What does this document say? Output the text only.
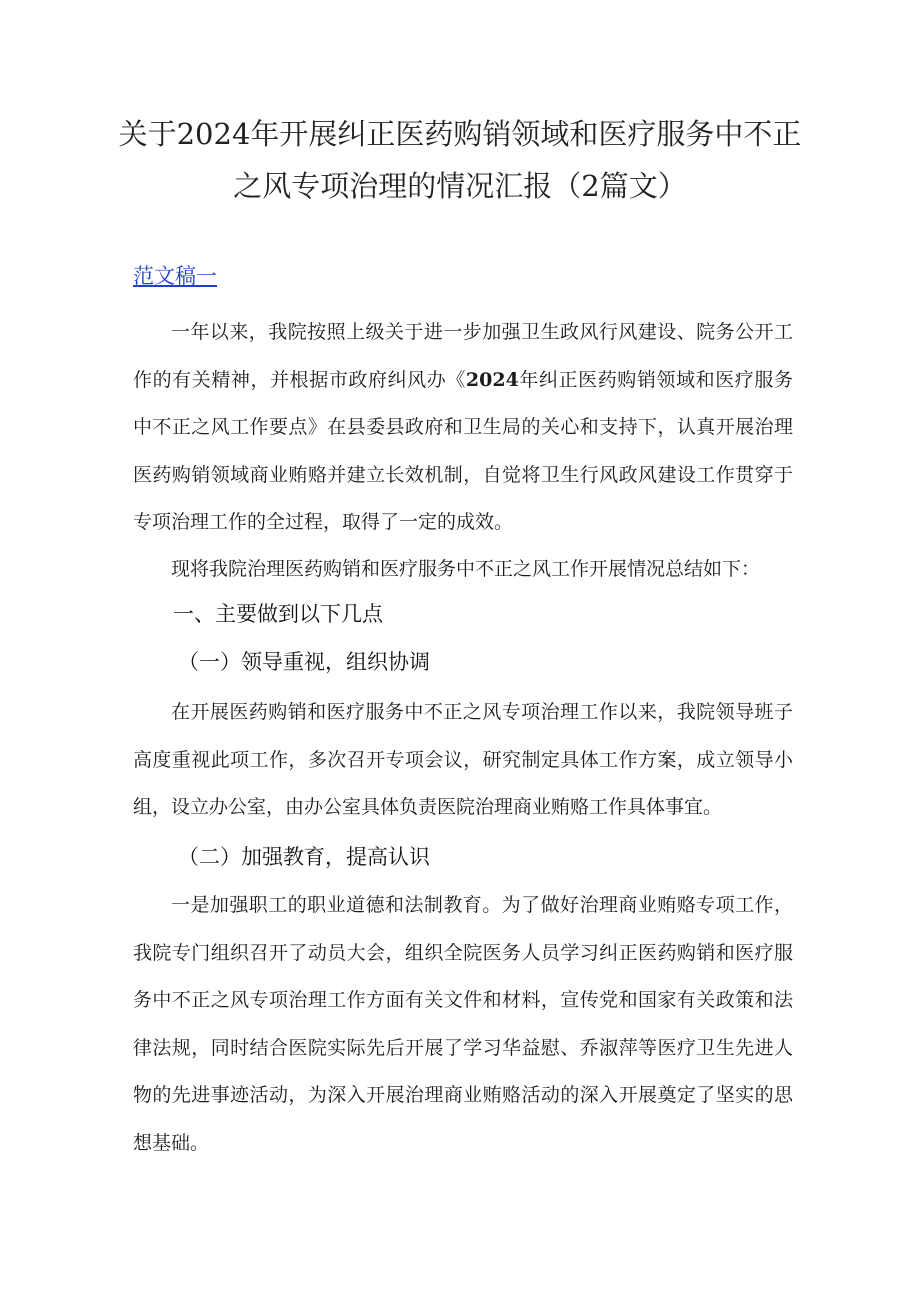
关于2024年开展纠正医药购销领域和医疗服务中不正之风专项治理的情况汇报（2篇文）
范文稿一

一年以来，我院按照上级关于进一步加强卫生政风行风建设、院务公开工作的有关精神，并根据市政府纠风办《2024年纠正医药购销领域和医疗服务中不正之风工作要点》在县委县政府和卫生局的关心和支持下，认真开展治理医药购销领域商业贿赂并建立长效机制，自觉将卫生行风政风建设工作贯穿于专项治理工作的全过程，取得了一定的成效。

现将我院治理医药购销和医疗服务中不正之风工作开展情况总结如下：

一、主要做到以下几点
（一）领导重视，组织协调

在开展医药购销和医疗服务中不正之风专项治理工作以来，我院领导班子高度重视此项工作，多次召开专项会议，研究制定具体工作方案，成立领导小组，设立办公室，由办公室具体负责医院治理商业贿赂工作具体事宜。

（二）加强教育，提高认识

一是加强职工的职业道德和法制教育。为了做好治理商业贿赂专项工作，我院专门组织召开了动员大会，组织全院医务人员学习纠正医药购销和医疗服务中不正之风专项治理工作方面有关文件和材料，宣传党和国家有关政策和法律法规，同时结合医院实际先后开展了学习华益慰、乔淑萍等医疗卫生先进人物的先进事迹活动，为深入开展治理商业贿赂活动的深入开展奠定了坚实的思想基础。
